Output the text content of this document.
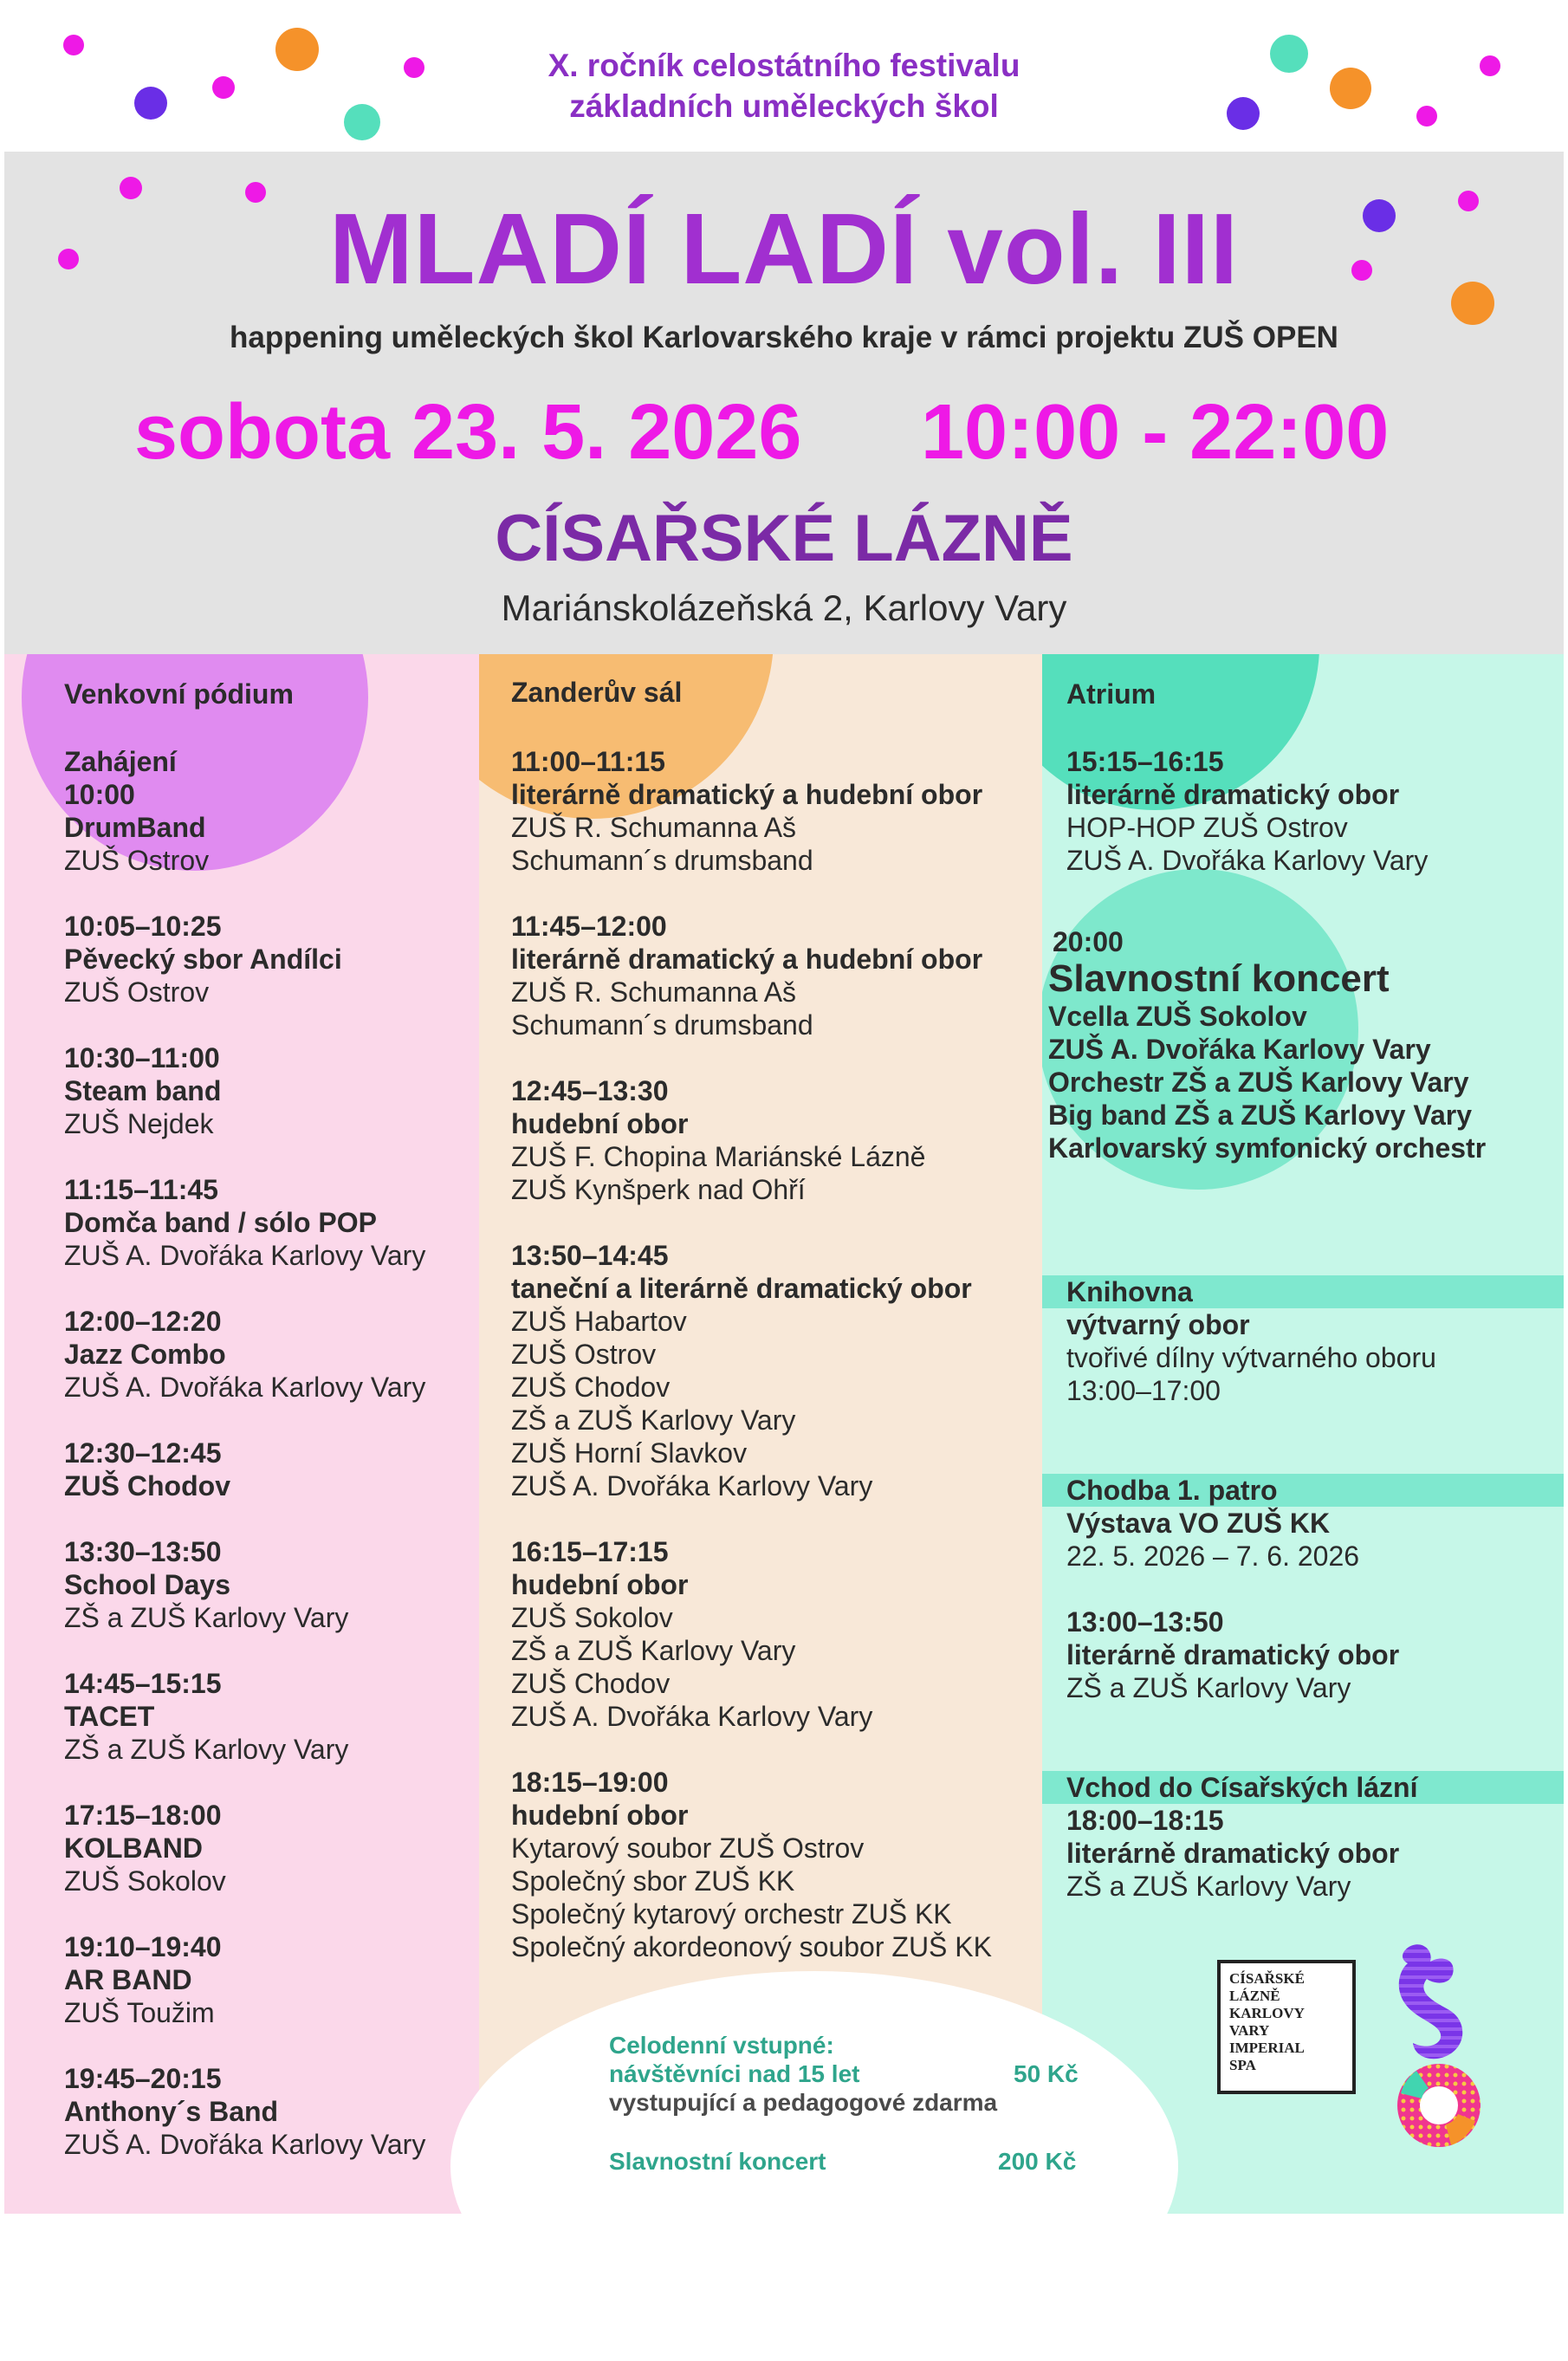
X. ročník celostátního festivalu
základních uměleckých škol
MLADÍ LADÍ vol. III
happening uměleckých škol Karlovarského kraje v rámci projektu ZUŠ OPEN
sobota 23. 5. 2026 10:00 - 22:00
CÍSAŘSKÉ LÁZNĚ
Mariánskolázeňská 2, Karlovy Vary
Venkovní pódium
Zahájení
10:00
DrumBand
ZUŠ Ostrov
10:05–10:25
Pěvecký sbor Andílci
ZUŠ Ostrov
10:30–11:00
Steam band
ZUŠ Nejdek
11:15–11:45
Domča band / sólo POP
ZUŠ A. Dvořáka Karlovy Vary
12:00–12:20
Jazz Combo
ZUŠ A. Dvořáka Karlovy Vary
12:30–12:45
ZUŠ Chodov
13:30–13:50
School Days
ZŠ a ZUŠ Karlovy Vary
14:45–15:15
TACET
ZŠ a ZUŠ Karlovy Vary
17:15–18:00
KOLBAND
ZUŠ Sokolov
19:10–19:40
AR BAND
ZUŠ Toužim
19:45–20:15
Anthony´s Band
ZUŠ A. Dvořáka Karlovy Vary
Zanderův sál
11:00–11:15
literárně dramatický a hudební obor
ZUŠ R. Schumanna Aš
Schumann´s drumsband
11:45–12:00
literárně dramatický a hudební obor
ZUŠ R. Schumanna Aš
Schumann´s drumsband
12:45–13:30
hudební obor
ZUŠ F. Chopina Mariánské Lázně
ZUŠ Kynšperk nad Ohří
13:50–14:45
taneční a literárně dramatický obor
ZUŠ Habartov
ZUŠ Ostrov
ZUŠ Chodov
ZŠ a ZUŠ Karlovy Vary
ZUŠ Horní Slavkov
ZUŠ A. Dvořáka Karlovy Vary
16:15–17:15
hudební obor
ZUŠ Sokolov
ZŠ a ZUŠ Karlovy Vary
ZUŠ Chodov
ZUŠ A. Dvořáka Karlovy Vary
18:15–19:00
hudební obor
Kytarový soubor ZUŠ Ostrov
Společný sbor ZUŠ KK
Společný kytarový orchestr ZUŠ KK
Společný akordeonový soubor ZUŠ KK
Atrium
15:15–16:15
literárně dramatický obor
HOP-HOP ZUŠ Ostrov
ZUŠ A. Dvořáka Karlovy Vary
20:00
Slavnostní koncert
Vcella ZUŠ Sokolov
ZUŠ A. Dvořáka Karlovy Vary
Orchestr ZŠ a ZUŠ Karlovy Vary
Big band ZŠ a ZUŠ Karlovy Vary
Karlovarský symfonický orchestr
Knihovna
výtvarný obor
tvořivé dílny výtvarného oboru
13:00–17:00
Chodba 1. patro
Výstava VO ZUŠ KK
22. 5. 2026 – 7. 6. 2026
13:00–13:50
literárně dramatický obor
ZŠ a ZUŠ Karlovy Vary
Vchod do Císařských lázní
18:00–18:15
literárně dramatický obor
ZŠ a ZUŠ Karlovy Vary
Celodenní vstupné:
návštěvníci nad 15 let	50 Kč
vystupující a pedagogové zdarma
Slavnostní koncert	200 Kč
CÍSAŘSKÉ
LÁZNĚ
KARLOVY
VARY
IMPERIAL
SPA
